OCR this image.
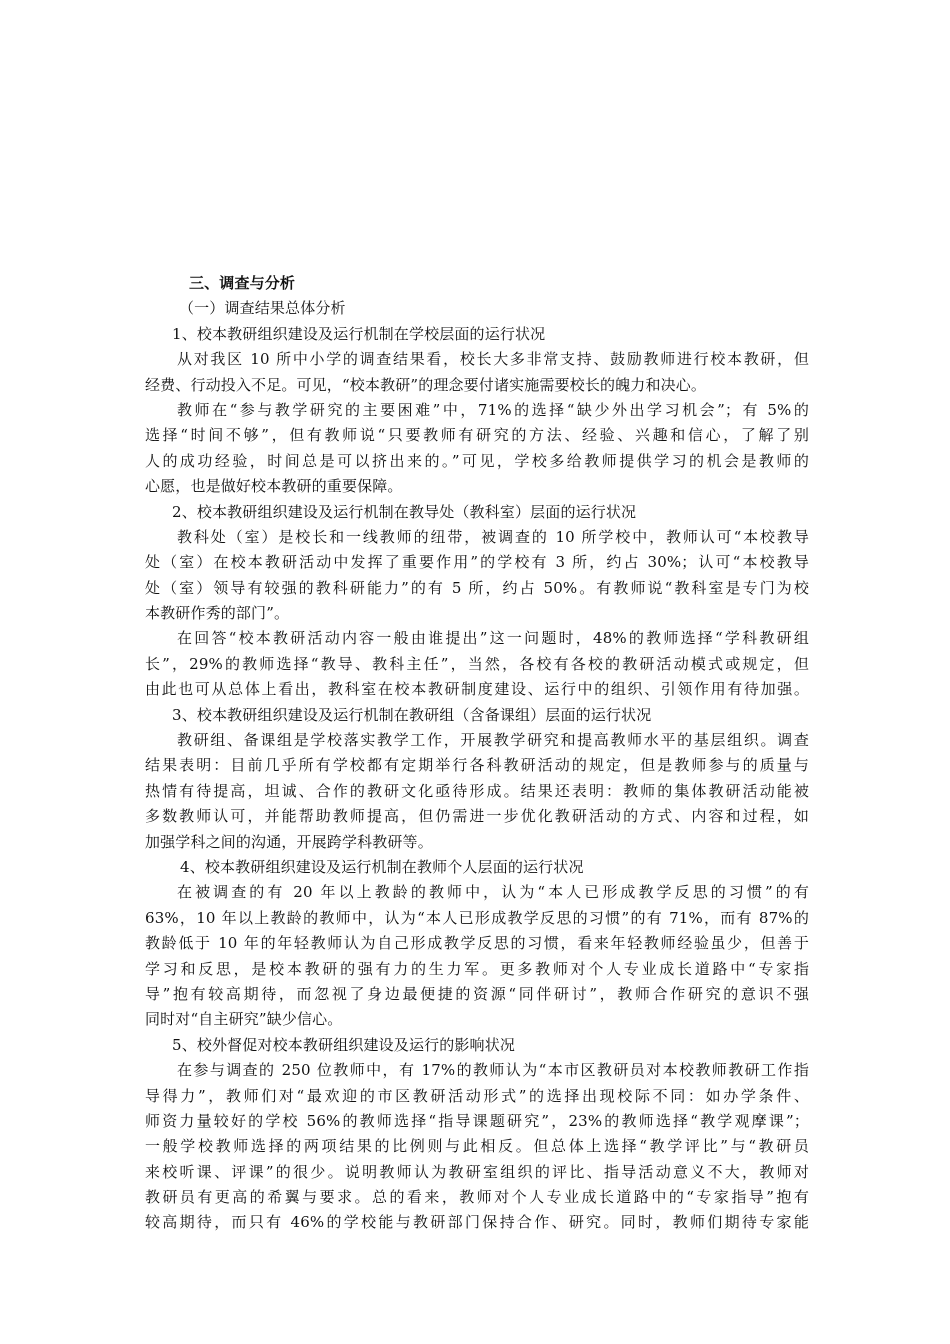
三、调查与分析
（一）调查结果总体分析
1、校本教研组织建设及运行机制在学校层面的运行状况
从对我区 10 所中小学的调查结果看，校长大多非常支持、鼓励教师进行校本教研，但
经费、行动投入不足。可见，“校本教研”的理念要付诸实施需要校长的魄力和决心。
教师在“参与教学研究的主要困难”中，71%的选择“缺少外出学习机会”；有 5%的
选择“时间不够”，但有教师说“只要教师有研究的方法、经验、兴趣和信心，了解了别
人的成功经验，时间总是可以挤出来的。”可见，学校多给教师提供学习的机会是教师的
心愿，也是做好校本教研的重要保障。
2、校本教研组织建设及运行机制在教导处（教科室）层面的运行状况
教科处（室）是校长和一线教师的纽带，被调查的 10 所学校中，教师认可“本校教导
处（室）在校本教研活动中发挥了重要作用”的学校有 3 所，约占 30%；认可“本校教导
处（室）领导有较强的教科研能力”的有 5 所，约占 50%。有教师说“教科室是专门为校
本教研作秀的部门”。
在回答“校本教研活动内容一般由谁提出”这一问题时，48%的教师选择“学科教研组
长”，29%的教师选择“教导、教科主任”，当然，各校有各校的教研活动模式或规定，但
由此也可从总体上看出，教科室在校本教研制度建设、运行中的组织、引领作用有待加强。
3、校本教研组织建设及运行机制在教研组（含备课组）层面的运行状况
教研组、备课组是学校落实教学工作，开展教学研究和提高教师水平的基层组织。调查
结果表明：目前几乎所有学校都有定期举行各科教研活动的规定，但是教师参与的质量与
热情有待提高，坦诚、合作的教研文化亟待形成。结果还表明：教师的集体教研活动能被
多数教师认可，并能帮助教师提高，但仍需进一步优化教研活动的方式、内容和过程，如
加强学科之间的沟通，开展跨学科教研等。
4、校本教研组织建设及运行机制在教师个人层面的运行状况
在被调查的有 20 年以上教龄的教师中，认为“本人已形成教学反思的习惯”的有
63%，10 年以上教龄的教师中，认为“本人已形成教学反思的习惯”的有 71%，而有 87%的
教龄低于 10 年的年轻教师认为自己形成教学反思的习惯，看来年轻教师经验虽少，但善于
学习和反思，是校本教研的强有力的生力军。更多教师对个人专业成长道路中“专家指
导”抱有较高期待，而忽视了身边最便捷的资源“同伴研讨”，教师合作研究的意识不强
同时对“自主研究”缺少信心。
5、校外督促对校本教研组织建设及运行的影响状况
在参与调查的 250 位教师中，有 17%的教师认为“本市区教研员对本校教师教研工作指
导得力”，教师们对“最欢迎的市区教研活动形式”的选择出现校际不同：如办学条件、
师资力量较好的学校 56%的教师选择“指导课题研究”，23%的教师选择“教学观摩课”；
一般学校教师选择的两项结果的比例则与此相反。但总体上选择“教学评比”与“教研员
来校听课、评课”的很少。说明教师认为教研室组织的评比、指导活动意义不大，教师对
教研员有更高的希翼与要求。总的看来，教师对个人专业成长道路中的“专家指导”抱有
较高期待，而只有 46%的学校能与教研部门保持合作、研究。同时，教师们期待专家能
